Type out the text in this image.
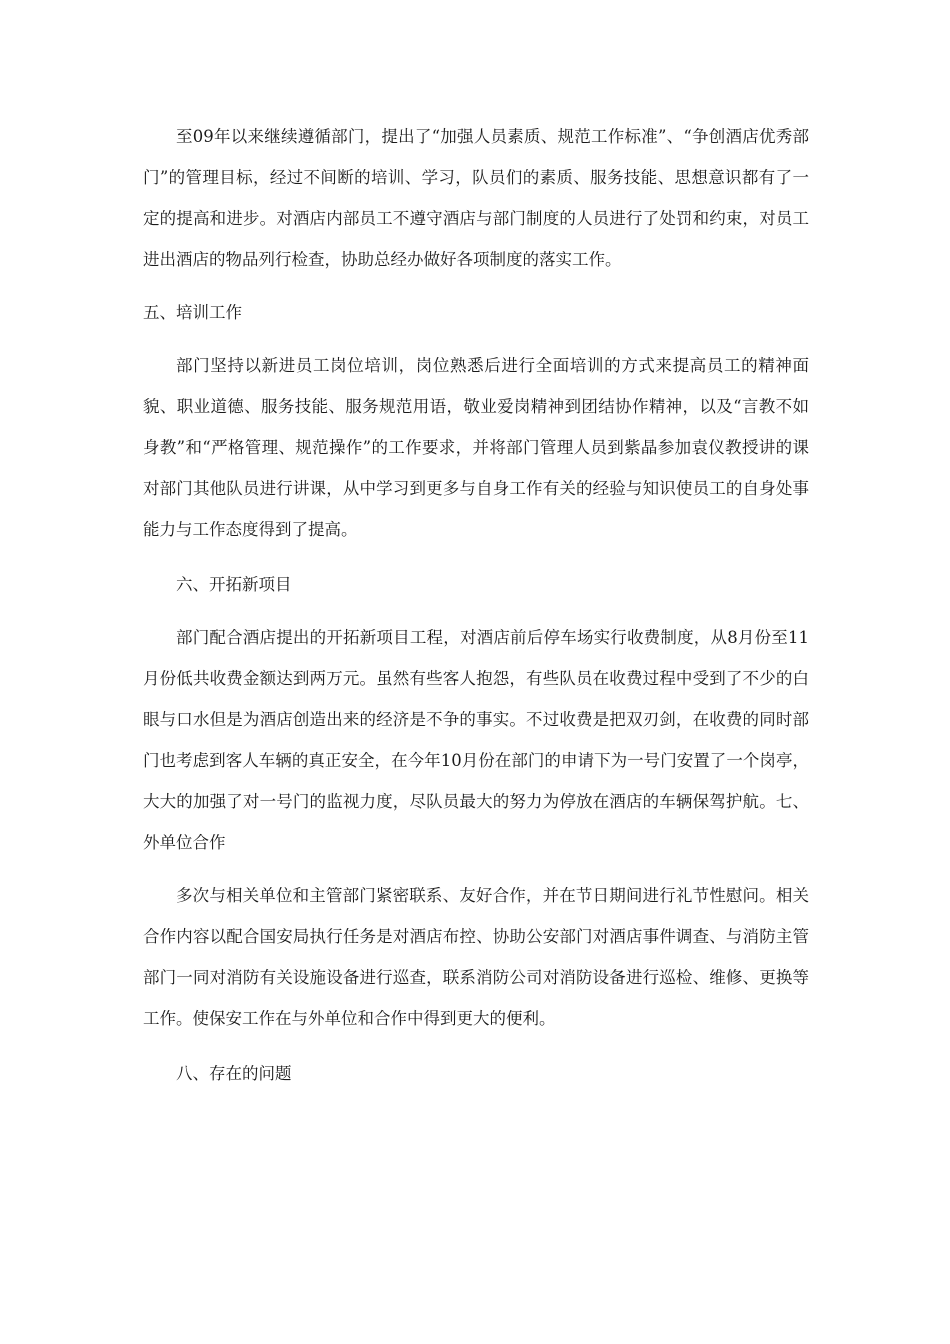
至09年以来继续遵循部门，提出了“加强人员素质、规范工作标准”、“争创酒店优秀部门”的管理目标，经过不间断的培训、学习，队员们的素质、服务技能、思想意识都有了一定的提高和进步。对酒店内部员工不遵守酒店与部门制度的人员进行了处罚和约束，对员工进出酒店的物品列行检查，协助总经办做好各项制度的落实工作。

五、培训工作

部门坚持以新进员工岗位培训，岗位熟悉后进行全面培训的方式来提高员工的精神面貌、职业道德、服务技能、服务规范用语，敬业爱岗精神到团结协作精神，以及“言教不如身教”和“严格管理、规范操作”的工作要求，并将部门管理人员到紫晶参加袁仪教授讲的课对部门其他队员进行讲课，从中学习到更多与自身工作有关的经验与知识使员工的自身处事能力与工作态度得到了提高。

六、开拓新项目

部门配合酒店提出的开拓新项目工程，对酒店前后停车场实行收费制度，从8月份至11月份低共收费金额达到两万元。虽然有些客人抱怨，有些队员在收费过程中受到了不少的白眼与口水但是为酒店创造出来的经济是不争的事实。不过收费是把双刃剑，在收费的同时部门也考虑到客人车辆的真正安全，在今年10月份在部门的申请下为一号门安置了一个岗亭，大大的加强了对一号门的监视力度，尽队员最大的努力为停放在酒店的车辆保驾护航。七、外单位合作

多次与相关单位和主管部门紧密联系、友好合作，并在节日期间进行礼节性慰问。相关合作内容以配合国安局执行任务是对酒店布控、协助公安部门对酒店事件调查、与消防主管部门一同对消防有关设施设备进行巡查，联系消防公司对消防设备进行巡检、维修、更换等工作。使保安工作在与外单位和合作中得到更大的便利。

八、存在的问题
